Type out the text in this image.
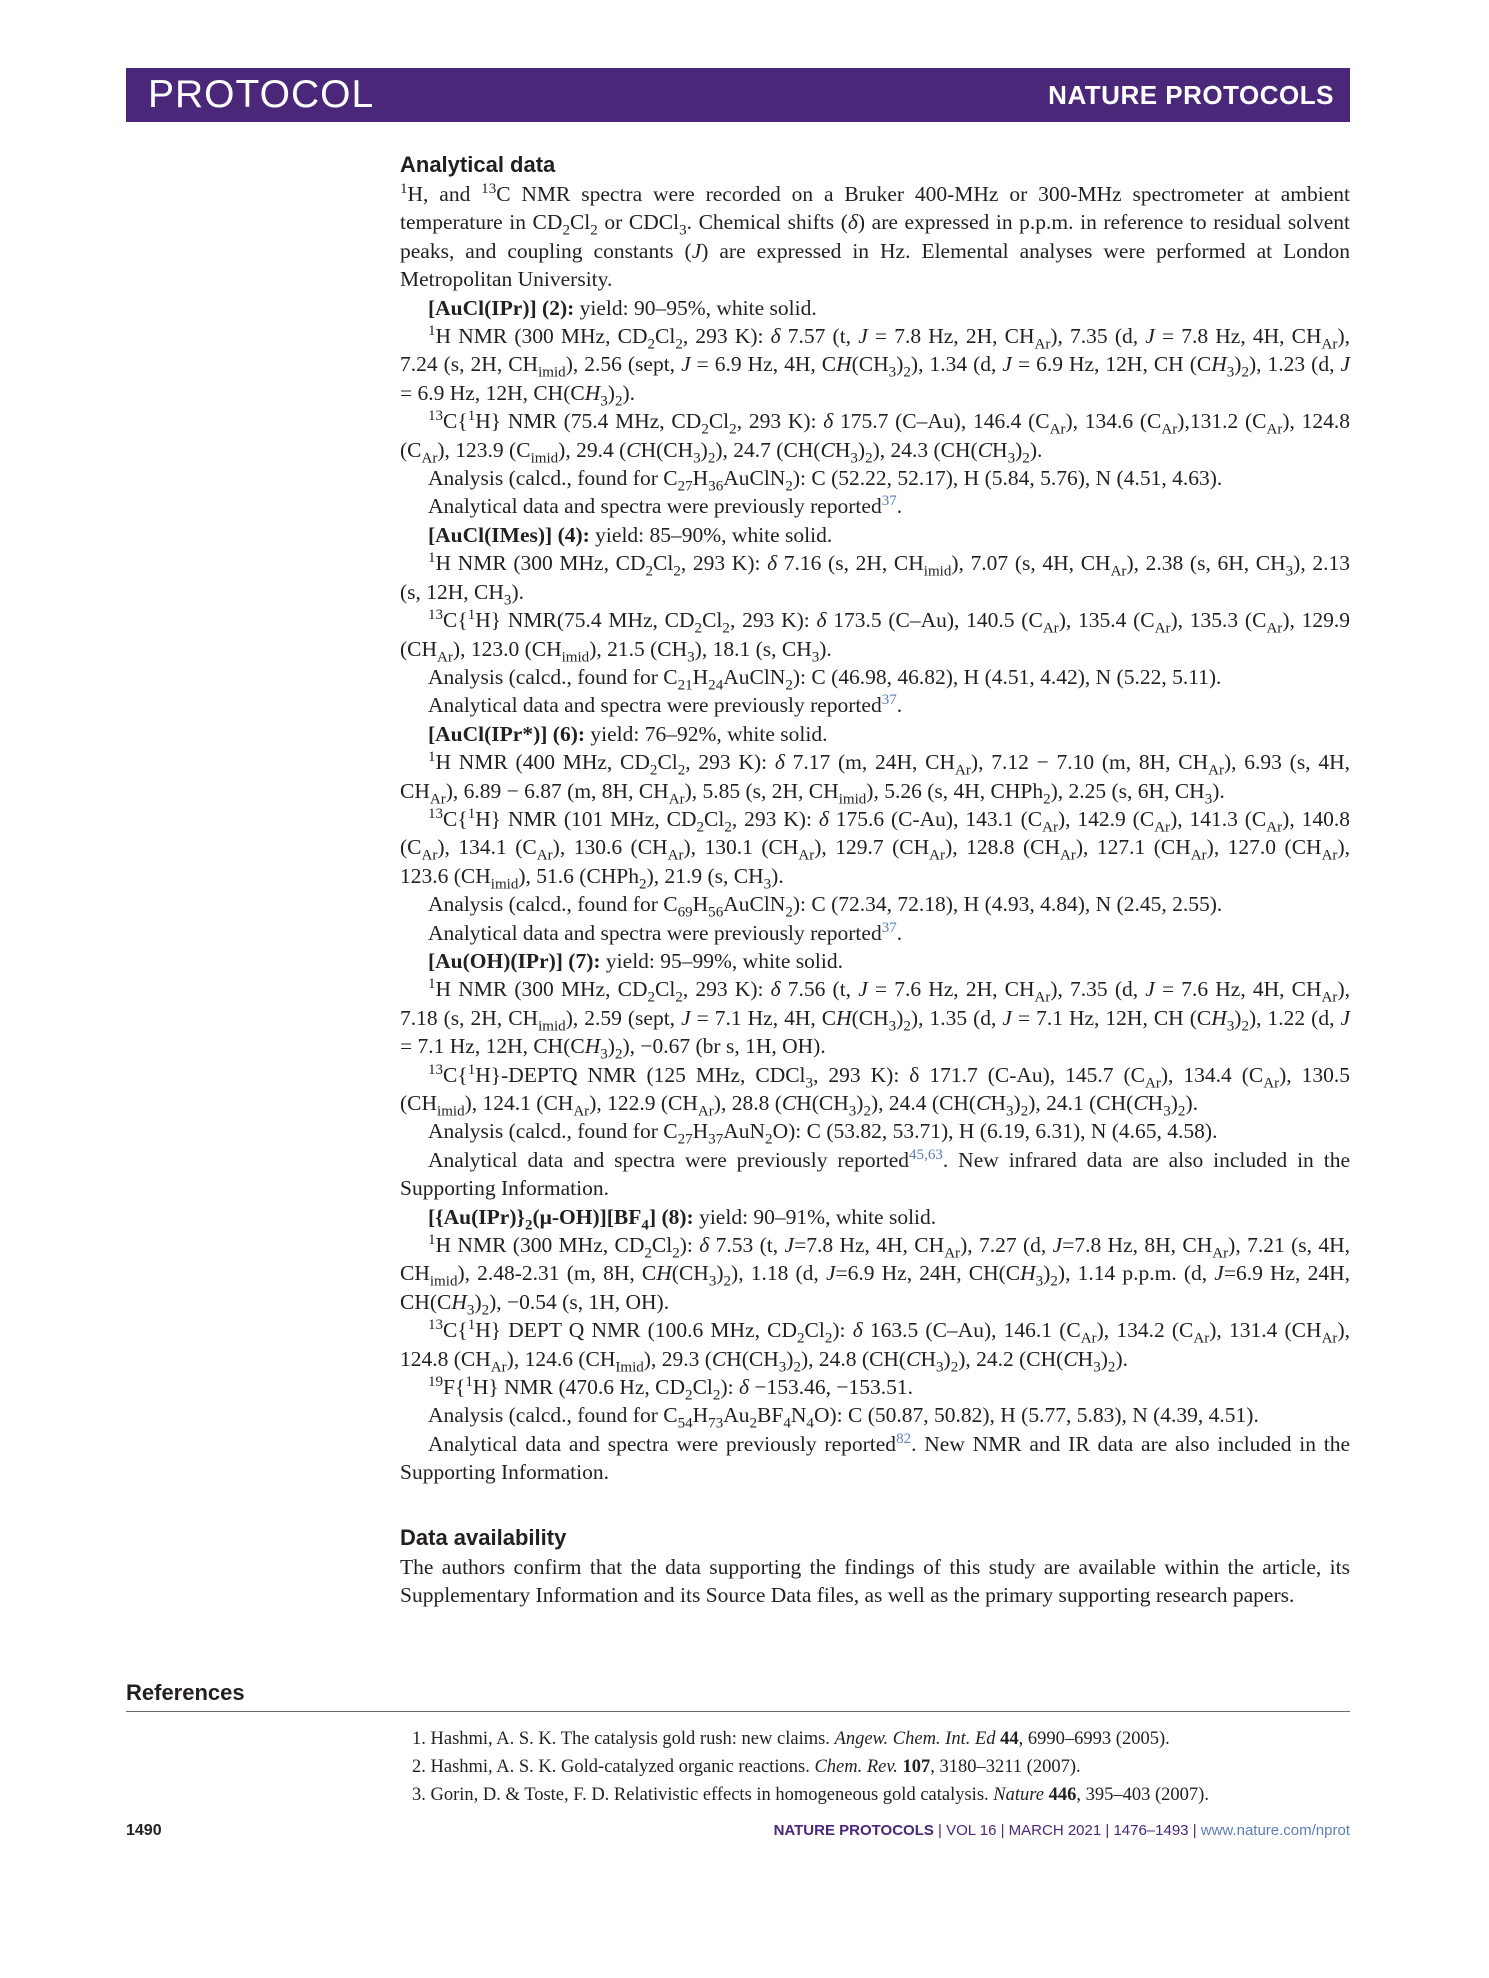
PROTOCOL	NATURE PROTOCOLS
Analytical data

$^1$H, and $^{13}$C NMR spectra were recorded on a Bruker 400-MHz or 300-MHz spectrometer at ambient temperature in $CD_2Cl_2$ or CDCl$_3$. Chemical shifts (δ) are expressed in p.p.m. in reference to residual solvent peaks, and coupling constants (J) are expressed in Hz. Elemental analyses were performed at London Metropolitan University.

[AuCl(IPr)] (2): yield: 90–95%, white solid.

$^1$H NMR (300 MHz, $CD_2Cl_2$, 293 K): δ 7.57 (t, J = 7.8 Hz, 2H, $CH_{Ar}$), 7.35 (d, J = 7.8 Hz, 4H, $CH_{Ar}$), 7.24 (s, 2H, $CH_{imid}$), 2.56 (sept, J = 6.9 Hz, 4H, $CH(CH_3)_2$), 1.34 (d, J = 6.9 Hz, 12H, CH $(CH_3)_2$), 1.23 (d, J = 6.9 Hz, 12H, $CH(CH_3)_2$).

$^{13}$C{$^1$H} NMR (75.4 MHz, $CD_2Cl_2$, 293 K): δ 175.7 (C–Au), 146.4 $(C_{Ar})$, 134.6 $(C_{Ar}),131.2$ $(C_{Ar})$, 124.8 $(C_{Ar})$, 123.9 $(C_{imid})$, 29.4 $(CH(CH_3)_2)$, 24.7 $(CH(CH_3)_2)$, 24.3 $(CH(CH_3)_2)$.

Analysis (calcd., found for $C_{27}H_{36}AuClN_2$): C (52.22, 52.17), H (5.84, 5.76), N (4.51, 4.63).

Analytical data and spectra were previously reported$^{37}$.

[AuCl(IMes)] (4): yield: 85–90%, white solid.

$^1$H NMR (300 MHz, $CD_2Cl_2$, 293 K): δ 7.16 (s, 2H, $CH_{imid}$), 7.07 (s, 4H, $CH_{Ar}$), 2.38 (s, 6H, $CH_3$), 2.13 (s, 12H, $CH_3$).

$^{13}$C{$^1$H} NMR(75.4 MHz, $CD_2Cl_2$, 293 K): δ 173.5 (C–Au), 140.5 $(C_{Ar})$, 135.4 $(C_{Ar})$, 135.3 $(C_{Ar})$, 129.9 $(CH_{Ar})$, 123.0 $(CH_{imid})$, 21.5 $(CH_3)$, 18.1 (s, $CH_3$).

Analysis (calcd., found for $C_{21}H_{24}AuClN_2$): C (46.98, 46.82), H (4.51, 4.42), N (5.22, 5.11).

Analytical data and spectra were previously reported$^{37}$.

[AuCl(IPr*)] (6): yield: 76–92%, white solid.

$^1$H NMR (400 MHz, $CD_2Cl_2$, 293 K): δ 7.17 (m, 24H, $CH_{Ar}$), 7.12 − 7.10 (m, 8H, $CH_{Ar}$), 6.93 (s, 4H, $CH_{Ar}$), 6.89 − 6.87 (m, 8H, $CH_{Ar}$), 5.85 (s, 2H, $CH_{imid}$), 5.26 (s, 4H, CHPh$_2$), 2.25 (s, 6H, $CH_3$).

$^{13}$C{$^1$H} NMR (101 MHz, $CD_2Cl_2$, 293 K): δ 175.6 (C-Au), 143.1 $(C_{Ar})$, 142.9 $(C_{Ar})$, 141.3 $(C_{Ar})$, 140.8 $(C_{Ar})$, 134.1 $(C_{Ar})$, 130.6 $(CH_{Ar})$, 130.1 $(CH_{Ar})$, 129.7 $(CH_{Ar})$, 128.8 $(CH_{Ar})$, 127.1 $(CH_{Ar})$, 127.0 $(CH_{Ar})$, 123.6 $(CH_{imid})$, 51.6 (CHPh$_2$), 21.9 (s, $CH_3$).

Analysis (calcd., found for $C_{69}H_{56}AuClN_2$): C (72.34, 72.18), H (4.93, 4.84), N (2.45, 2.55).

Analytical data and spectra were previously reported$^{37}$.

[Au(OH)(IPr)] (7): yield: 95–99%, white solid.

$^1$H NMR (300 MHz, $CD_2Cl_2$, 293 K): δ 7.56 (t, J = 7.6 Hz, 2H, $CH_{Ar}$), 7.35 (d, J = 7.6 Hz, 4H, $CH_{Ar}$), 7.18 (s, 2H, $CH_{imid}$), 2.59 (sept, J = 7.1 Hz, 4H, $CH(CH_3)_2$), 1.35 (d, J = 7.1 Hz, 12H, CH $(CH_3)_2$), 1.22 (d, J = 7.1 Hz, 12H, $CH(CH_3)_2$), −0.67 (br s, 1H, OH).

$^{13}$C{$^1$H}-DEPTQ NMR (125 MHz, CDCl$_3$, 293 K): δ 171.7 (C-Au), 145.7 $(C_{Ar})$, 134.4 $(C_{Ar})$, 130.5 $(CH_{imid})$, 124.1 $(CH_{Ar})$, 122.9 $(CH_{Ar})$, 28.8 $(CH(CH_3)_2)$, 24.4 $(CH(CH_3)_2)$, 24.1 $(CH(CH_3)_2)$.

Analysis (calcd., found for $C_{27}H_{37}AuN_2O$): C (53.82, 53.71), H (6.19, 6.31), N (4.65, 4.58).

Analytical data and spectra were previously reported$^{45,63}$. New infrared data are also included in the Supporting Information.

$[\{Au(IPr)\}_2(\mu-OH)][BF_4]$ (8): yield: 90–91%, white solid.

$^1$H NMR (300 MHz, $CD_2Cl_2$): δ 7.53 (t, J=7.8 Hz, 4H, $CH_{Ar}$), 7.27 (d, J=7.8 Hz, 8H, $CH_{Ar}$), 7.21 (s, 4H, $CH_{imid}$), 2.48-2.31 (m, 8H, $CH(CH_3)_2$), 1.18 (d, J=6.9 Hz, 24H, $CH(CH_3)_2$), 1.14 p.p.m. (d, J=6.9 Hz, 24H, $CH(CH_3)_2$), −0.54 (s, 1H, OH).

$^{13}$C{$^1$H} DEPT Q NMR (100.6 MHz, $CD_2Cl_2$): δ 163.5 (C–Au), 146.1 $(C_{Ar})$, 134.2 $(C_{Ar})$, 131.4 $(CH_{Ar})$, 124.8 $(CH_{Ar})$, 124.6 $(CH_{Imid})$, 29.3 $(CH(CH_3)_2)$, 24.8 $(CH(CH_3)_2)$, 24.2 $(CH(CH_3)_2)$.

$^{19}$F{$^1$H} NMR (470.6 Hz, $CD_2Cl_2$): δ −153.46, −153.51.

Analysis (calcd., found for $C_{54}H_{73}Au_2BF_4N_4O$): C (50.87, 50.82), H (5.77, 5.83), N (4.39, 4.51).

Analytical data and spectra were previously reported$^{82}$. New NMR and IR data are also included in the Supporting Information.

Data availability

The authors confirm that the data supporting the findings of this study are available within the article, its Supplementary Information and its Source Data files, as well as the primary supporting research papers.

References
1. Hashmi, A. S. K. The catalysis gold rush: new claims. Angew. Chem. Int. Ed 44, 6990–6993 (2005).
2. Hashmi, A. S. K. Gold-catalyzed organic reactions. Chem. Rev. 107, 3180–3211 (2007).
3. Gorin, D. & Toste, F. D. Relativistic effects in homogeneous gold catalysis. Nature 446, 395–403 (2007).
1490	NATURE PROTOCOLS | VOL 16 | MARCH 2021 | 1476–1493 | www.nature.com/nprot
